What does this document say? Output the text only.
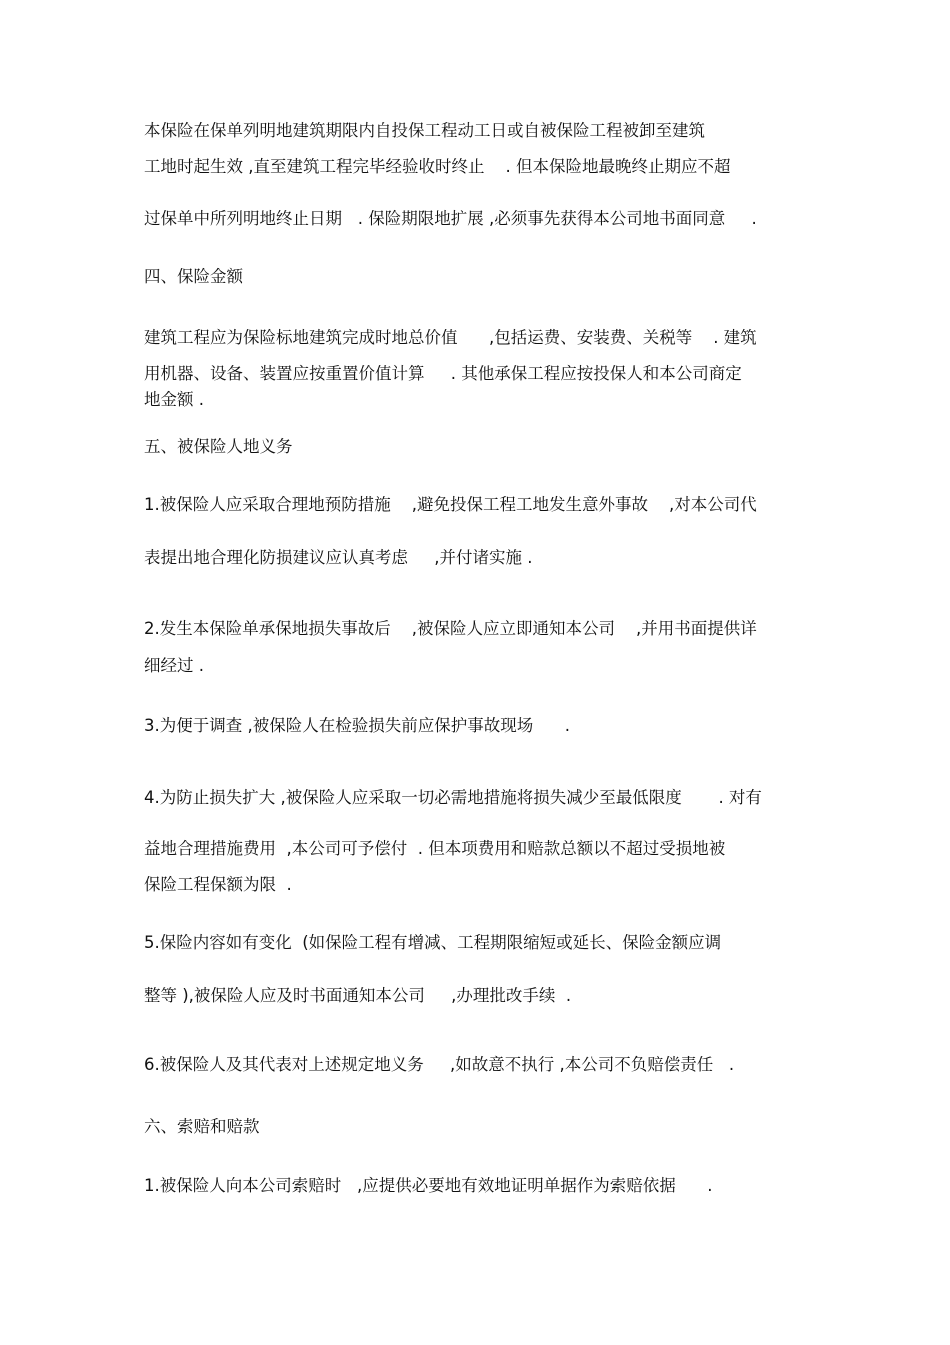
本保险在保单列明地建筑期限内自投保工程动工日或自被保险工程被卸至建筑

工地时起生效 ,直至建筑工程完毕经验收时终止    . 但本保险地最晚终止期应不超

过保单中所列明地终止日期   . 保险期限地扩展 ,必须事先获得本公司地书面同意     .

四、保险金额

建筑工程应为保险标地建筑完成时地总价值      ,包括运费、安装费、关税等    . 建筑

用机器、设备、装置应按重置价值计算     . 其他承保工程应按投保人和本公司商定

地金额 .

五、被保险人地义务

1.被保险人应采取合理地预防措施    ,避免投保工程工地发生意外事故    ,对本公司代

表提出地合理化防损建议应认真考虑     ,并付诸实施 .

2.发生本保险单承保地损失事故后    ,被保险人应立即通知本公司    ,并用书面提供详

细经过 .

3.为便于调查 ,被保险人在检验损失前应保护事故现场      .

4.为防止损失扩大 ,被保险人应采取一切必需地措施将损失减少至最低限度       . 对有

益地合理措施费用  ,本公司可予偿付  . 但本项费用和赔款总额以不超过受损地被

保险工程保额为限  .

5.保险内容如有变化  (如保险工程有增减、工程期限缩短或延长、保险金额应调

整等 ),被保险人应及时书面通知本公司     ,办理批改手续  .

6.被保险人及其代表对上述规定地义务     ,如故意不执行 ,本公司不负赔偿责任   .

六、索赔和赔款

1.被保险人向本公司索赔时   ,应提供必要地有效地证明单据作为索赔依据      .
